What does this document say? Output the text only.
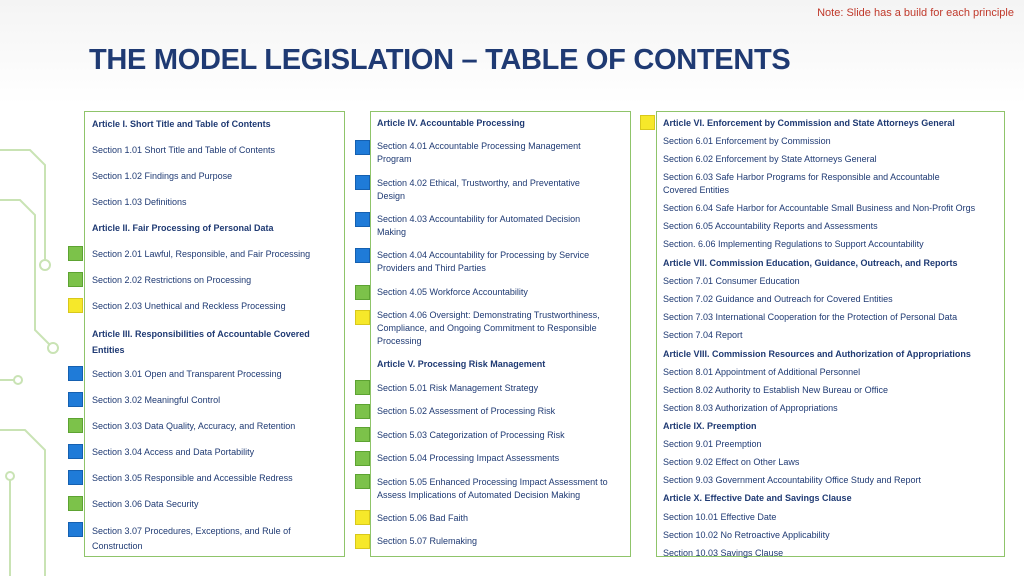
Note: Slide has a build for each principle
THE MODEL LEGISLATION – TABLE OF CONTENTS
Article I. Short Title and Table of Contents
Section 1.01 Short Title and Table of Contents
Section 1.02 Findings and Purpose
Section 1.03 Definitions
Article II. Fair Processing of Personal Data
Section 2.01 Lawful, Responsible, and Fair Processing
Section 2.02 Restrictions on Processing
Section 2.03 Unethical and Reckless Processing
Article III. Responsibilities of Accountable Covered Entities
Section 3.01 Open and Transparent Processing
Section 3.02 Meaningful Control
Section 3.03 Data Quality, Accuracy, and Retention
Section 3.04 Access and Data Portability
Section 3.05 Responsible and Accessible Redress
Section 3.06 Data Security
Section 3.07 Procedures, Exceptions, and Rule of Construction
Article IV. Accountable Processing
Section 4.01 Accountable Processing Management Program
Section 4.02 Ethical, Trustworthy, and Preventative Design
Section 4.03 Accountability for Automated Decision Making
Section 4.04 Accountability for Processing by Service Providers and Third Parties
Section 4.05 Workforce Accountability
Section 4.06 Oversight: Demonstrating Trustworthiness, Compliance, and Ongoing Commitment to Responsible Processing
Article V. Processing Risk Management
Section 5.01 Risk Management Strategy
Section 5.02 Assessment of Processing Risk
Section 5.03 Categorization of Processing Risk
Section 5.04 Processing Impact Assessments
Section 5.05 Enhanced Processing Impact Assessment to Assess Implications of Automated Decision Making
Section 5.06 Bad Faith
Section 5.07 Rulemaking
Article VI. Enforcement by Commission and State Attorneys General
Section 6.01 Enforcement by Commission
Section 6.02 Enforcement by State Attorneys General
Section 6.03 Safe Harbor Programs for Responsible and Accountable Covered Entities
Section 6.04 Safe Harbor for Accountable Small Business and Non-Profit Orgs
Section 6.05 Accountability Reports and Assessments
Section. 6.06 Implementing Regulations to Support Accountability
Article VII. Commission Education, Guidance, Outreach, and Reports
Section 7.01 Consumer Education
Section 7.02 Guidance and Outreach for Covered Entities
Section 7.03 International Cooperation for the Protection of Personal Data
Section 7.04 Report
Article VIII. Commission Resources and Authorization of Appropriations
Section 8.01 Appointment of Additional Personnel
Section 8.02 Authority to Establish New Bureau or Office
Section 8.03 Authorization of Appropriations
Article IX. Preemption
Section 9.01 Preemption
Section 9.02 Effect on Other Laws
Section 9.03 Government Accountability Office Study and Report
Article X. Effective Date and Savings Clause
Section 10.01 Effective Date
Section 10.02 No Retroactive Applicability
Section 10.03 Savings Clause
